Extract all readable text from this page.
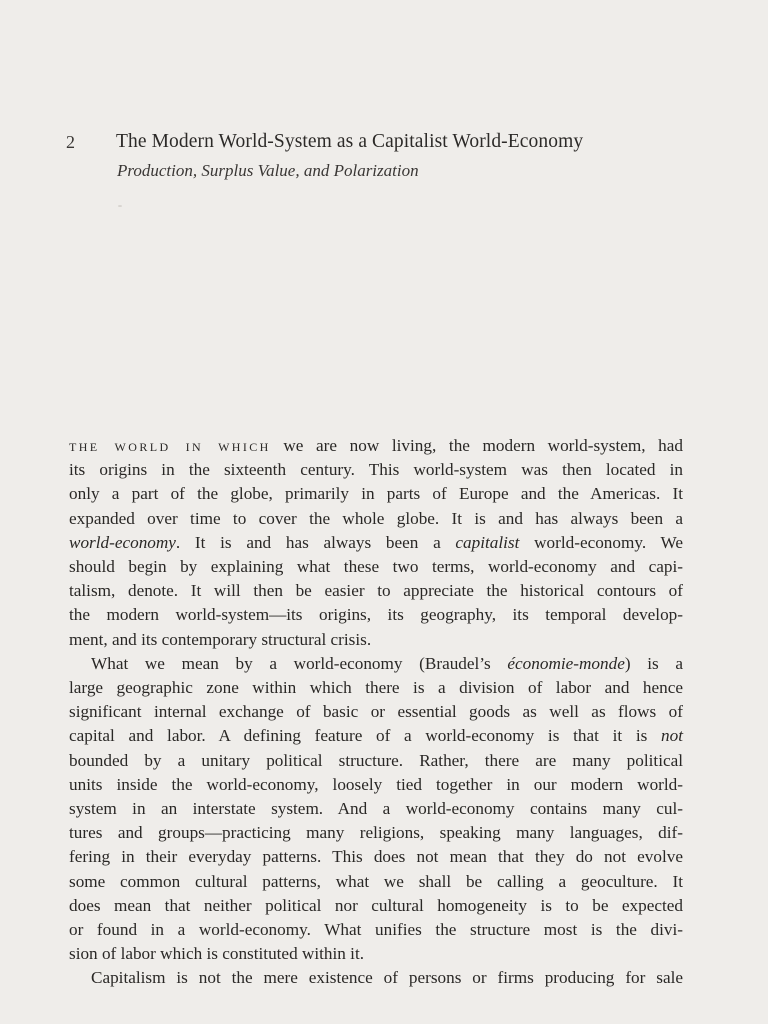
2 The Modern World-System as a Capitalist World-Economy
Production, Surplus Value, and Polarization

the world in which we are now living, the modern world-system, had
its origins in the sixteenth century. This world-system was then located in
only a part of the globe, primarily in parts of Europe and the Americas. It
expanded over time to cover the whole globe. It is and has always been a
world-economy. It is and has always been a capitalist world-economy. We
should begin by explaining what these two terms, world-economy and capi-
talism, denote. It will then be easier to appreciate the historical contours of
the modern world-system—its origins, its geography, its temporal develop-
ment, and its contemporary structural crisis.

What we mean by a world-economy (Braudel’s économie-monde) is a
large geographic zone within which there is a division of labor and hence
significant internal exchange of basic or essential goods as well as flows of
capital and labor. A defining feature of a world-economy is that it is not
bounded by a unitary political structure. Rather, there are many political
units inside the world-economy, loosely tied together in our modern world-
system in an interstate system. And a world-economy contains many cul-
tures and groups—practicing many religions, speaking many languages, dif-
fering in their everyday patterns. This does not mean that they do not evolve
some common cultural patterns, what we shall be calling a geoculture. It
does mean that neither political nor cultural homogeneity is to be expected
or found in a world-economy. What unifies the structure most is the divi-
sion of labor which is constituted within it.

Capitalism is not the mere existence of persons or firms producing for sale
